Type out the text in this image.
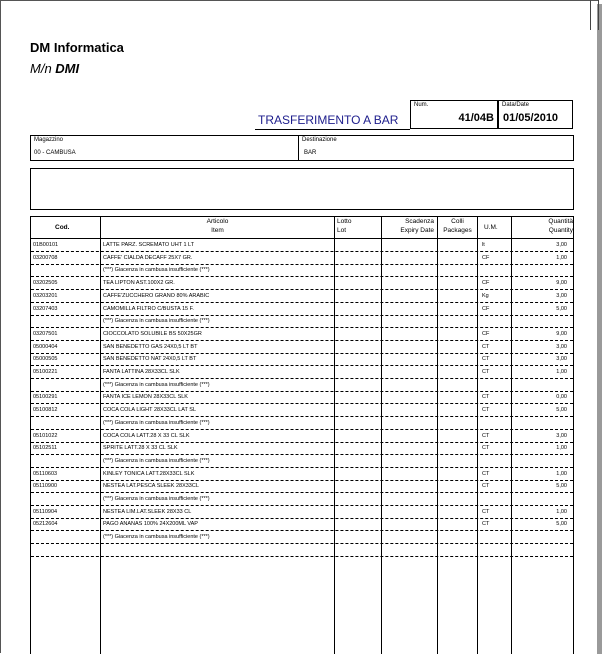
DM Informatica
M/n DMI
TRASFERIMENTO A BAR
Num.
41/04B
Data/Date
01/05/2010
Magazzino
00 - CAMBUSA
Destinazione
BAR
Cod.
Articolo
Item
Lotto
Lot
Scadenza
Expiry Date
Colli
Packages	U.M.
Quantità
Quantity
01B00101	LATTE PARZ. SCREMATO UHT 1 LT	lt	3,00
03200708	CAFFE' CIALDA DECAFF 25X7 GR.	CF	1,00
(***) Giacenza in cambusa insufficiente (***)
03202505	TEA LIPTON AST.100X2 GR.	CF	9,00
03203201	CAFFE'ZUCCHERO GRANO 80% ARABIC	Kg	3,00
03207403	CAMOMILLA FILTRO C/BUSTA 15 F.	CF	5,00
(***) Giacenza in cambusa insufficiente (***)
03207501	CIOCCOLATO SOLUBILE BS 50X25GR	CF	9,00
05000404	SAN BENEDETTO GAS 24X0,5 LT BT	CT	3,00
05000505	SAN BENEDETTO NAT 24X0,5 LT BT	CT	3,00
05100221	FANTA LATTINA 28X33CL SLK	CT	1,00
(***) Giacenza in cambusa insufficiente (***)
05100291	FANTA ICE LEMON 28X33CL SLK	CT	0,00
05100812	COCA COLA LIGHT 28X33CL LAT SL	CT	5,00
(***) Giacenza in cambusa insufficiente (***)
05101022	COCA COLA LATT.28 X 33 CL SLK	CT	3,00
05102511	SPRITE LATT.28 X 33 CL SLK	CT	1,00
(***) Giacenza in cambusa insufficiente (***)
05110603	KINLEY TONICA LATT.28X33CL SLK	CT	1,00
05110900	NESTEA LAT.PESCA SLEEK 28X33CL	CT	5,00
(***) Giacenza in cambusa insufficiente (***)
05110904	NESTEA LIM.LAT.SLEEK 28X33 CL	CT	1,00
05212604	PAGO ANANAS 100% 24X200ML VAP	CT	5,00
(***) Giacenza in cambusa insufficiente (***)
